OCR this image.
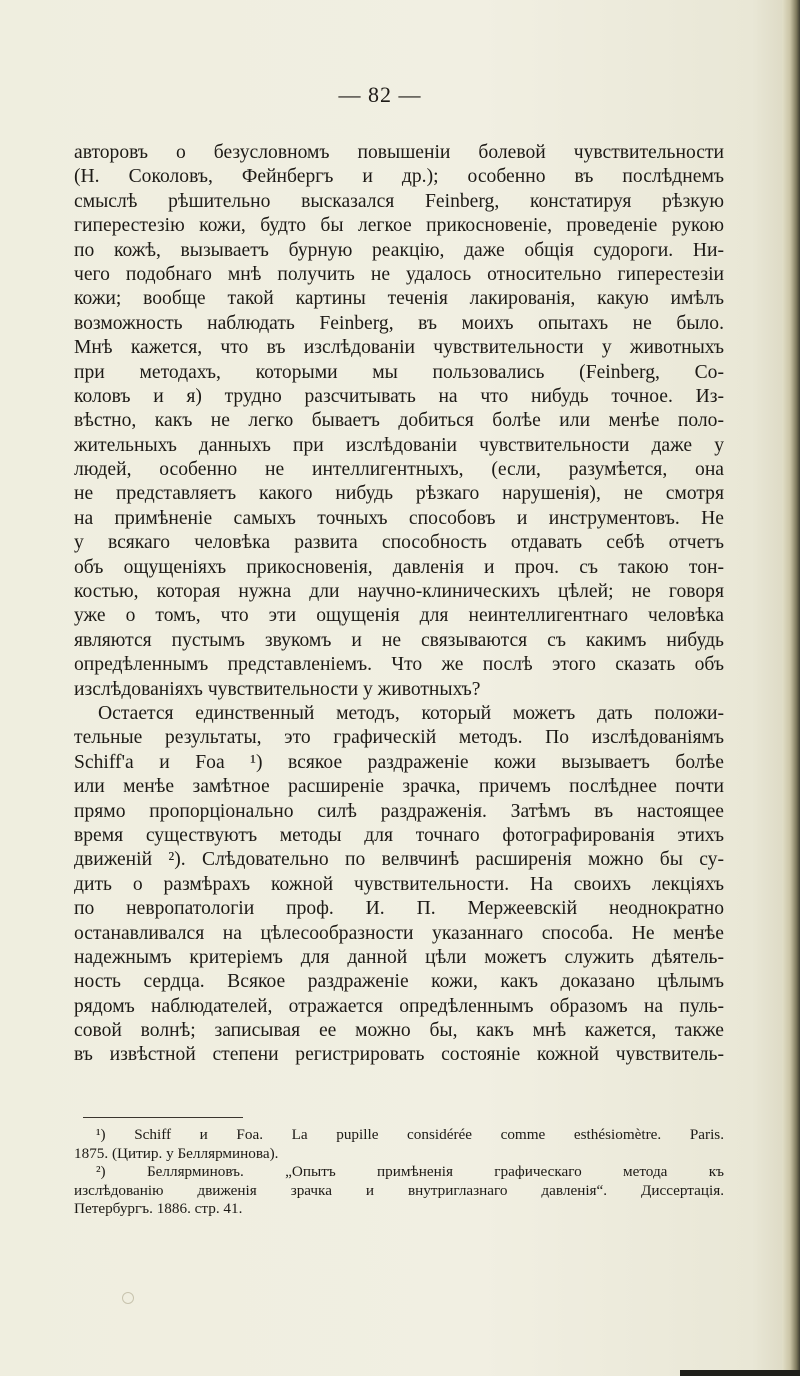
— 82 —
авторовъ о безусловномъ повышеніи болевой чувствительности
(Н. Соколовъ, Фейнбергъ и др.); особенно въ послѣднемъ
смыслѣ рѣшительно высказался Feinberg, констатируя рѣзкую
гиперестезію кожи, будто бы легкое прикосновеніе, проведеніе рукою
по кожѣ, вызываетъ бурную реакцію, даже общія судороги. Ни-
чего подобнаго мнѣ получить не удалось относительно гиперестезіи
кожи; вообще такой картины теченія лакированія, какую имѣлъ
возможность наблюдать Feinberg, въ моихъ опытахъ не было.
Мнѣ кажется, что въ изслѣдованіи чувствительности у животныхъ
при методахъ, которыми мы пользовались (Feinberg, Со-
коловъ и я) трудно разсчитывать на что нибудь точное. Из-
вѣстно, какъ не легко бываетъ добиться болѣе или менѣе поло-
жительныхъ данныхъ при изслѣдованіи чувствительности даже у
людей, особенно не интеллигентныхъ, (если, разумѣется, она
не представляетъ какого нибудь рѣзкаго нарушенія), не смотря
на примѣненіе самыхъ точныхъ способовъ и инструментовъ. Не
у всякаго человѣка развита способность отдавать себѣ отчетъ
объ ощущеніяхъ прикосновенія, давленія и проч. съ такою тон-
костью, которая нужна дли научно-клиническихъ цѣлей; не говоря
уже о томъ, что эти ощущенія для неинтеллигентнаго человѣка
являются пустымъ звукомъ и не связываются съ какимъ нибудь
опредѣленнымъ представленіемъ. Что же послѣ этого сказать объ
изслѣдованіяхъ чувствительности у животныхъ?
Остается единственный методъ, который можетъ дать положи-
тельные результаты, это графическій методъ. По изслѣдованіямъ
Schiff'а и Foa ¹) всякое раздраженіе кожи вызываетъ болѣе
или менѣе замѣтное расширеніе зрачка, причемъ послѣднее почти
прямо пропорціонально силѣ раздраженія. Затѣмъ въ настоящее
время существуютъ методы для точнаго фотографированія этихъ
движеній ²). Слѣдовательно по велвчинѣ расширенія можно бы су-
дить о размѣрахъ кожной чувствительности. На своихъ лекціяхъ
по невропатологіи проф. И. П. Мержеевскій неоднократно
останавливался на цѣлесообразности указаннаго способа. Не менѣе
надежнымъ критеріемъ для данной цѣли можетъ служить дѣятель-
ность сердца. Всякое раздраженіе кожи, какъ доказано цѣлымъ
рядомъ наблюдателей, отражается опредѣленнымъ образомъ на пуль-
совой волнѣ; записывая ее можно бы, какъ мнѣ кажется, также
въ извѣстной степени регистрировать состояніе кожной чувствитель-
¹) Schiff и Foa. La pupille considérée comme esthésiomètre. Paris.
1875. (Цитир. у Беллярминова).
²) Беллярминовъ. „Опытъ примѣненія графическаго метода къ
изслѣдованію движенія зрачка и внутриглазнаго давленія“. Диссертація.
Петербургъ. 1886. стр. 41.
